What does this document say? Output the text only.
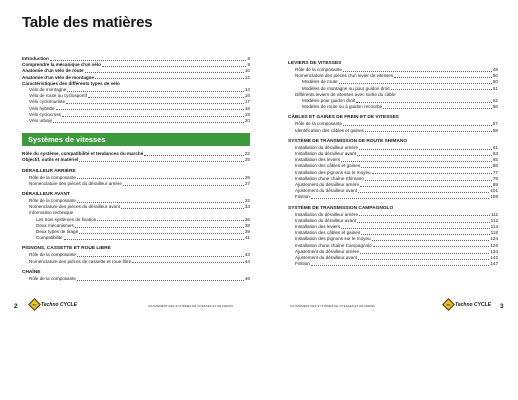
Table des matières
Introduction	6
Comprendre la mécanique d'un vélo	8
Anatomie d'un vélo de route	10
Anatomie d'un vélo de montagne	12
Caractéristiques des différents types de vélo
Vélo de montagne	14
Vélo de route ou cyclosportif	16
Vélo cyclotouriste	17
Vélo hybride	18
Vélo cyclocross	19
Vélo urbain	20
Systèmes de vitesses
Rôle du système, compatibilité et tendances du marché	22
Objectif, outils et matériel	25
DÉRAILLEUR ARRIÈRE
Rôle de la composante	26
Nomenclature des pièces du dérailleur arrière	27
DÉRAILLEUR AVANT
Rôle de la composante	32
Nomenclature des pièces du dérailleur avant	33
Information technique
Les trois systèmes de fixation	36
Deux mécanismes	38
Deux types de tirage	39
Compatibilité	41
PIGNONS, CASSETTE ET ROUE LIBRE
Rôle de la composante	43
Nomenclature des pièces de cassette et roue libre	44
CHAÎNE
Rôle de la composante	46
LEVIERS DE VITESSES
Rôle de la composante	49
Nomenclature des pièces d'un levier de vitesses	50
Modèles de route	50
Modèles de montagne ou pour guidon droit	51
Différents leviers de vitesses avec sortie du câble
Modèles pour guidon droit	52
Modèles de route ou à guidon recourbé	56
CÂBLES ET GAINES DE FREIN ET DE VITESSES
Rôle de la composante	57
Identification des câbles et gaines	58
SYSTÈME DE TRANSMISSION DE ROUTE SHIMANO
Installation du dérailleur arrière	61
Installation du dérailleur avant	63
Installation des leviers	65
Installation des câbles et gaines	66
Installation des pignons sur le moyeu	77
Installation d'une chaîne Shimano	79
Ajustement du dérailleur arrière	89
Ajustement du dérailleur avant	101
Finition	108
SYSTÈME DE TRANSMISSION CAMPAGNOLO
Installation du dérailleur arrière	111
Installation du dérailleur avant	112
Installation des leviers	114
Installation des câbles et gaines	115
Installation des pignons sur le moyeu	124
Installation d'une chaîne Campagnolo	126
Ajustement du dérailleur arrière	134
Ajustement du dérailleur avant	142
Finition	147
2	TC Techno CYCLE	AJUSTEMENT DES SYSTÈMES DE VITESSES ET DE FREINS	AJUSTEMENT DES SYSTÈMES DE VITESSES ET DE FREINS	TC Techno CYCLE 3
